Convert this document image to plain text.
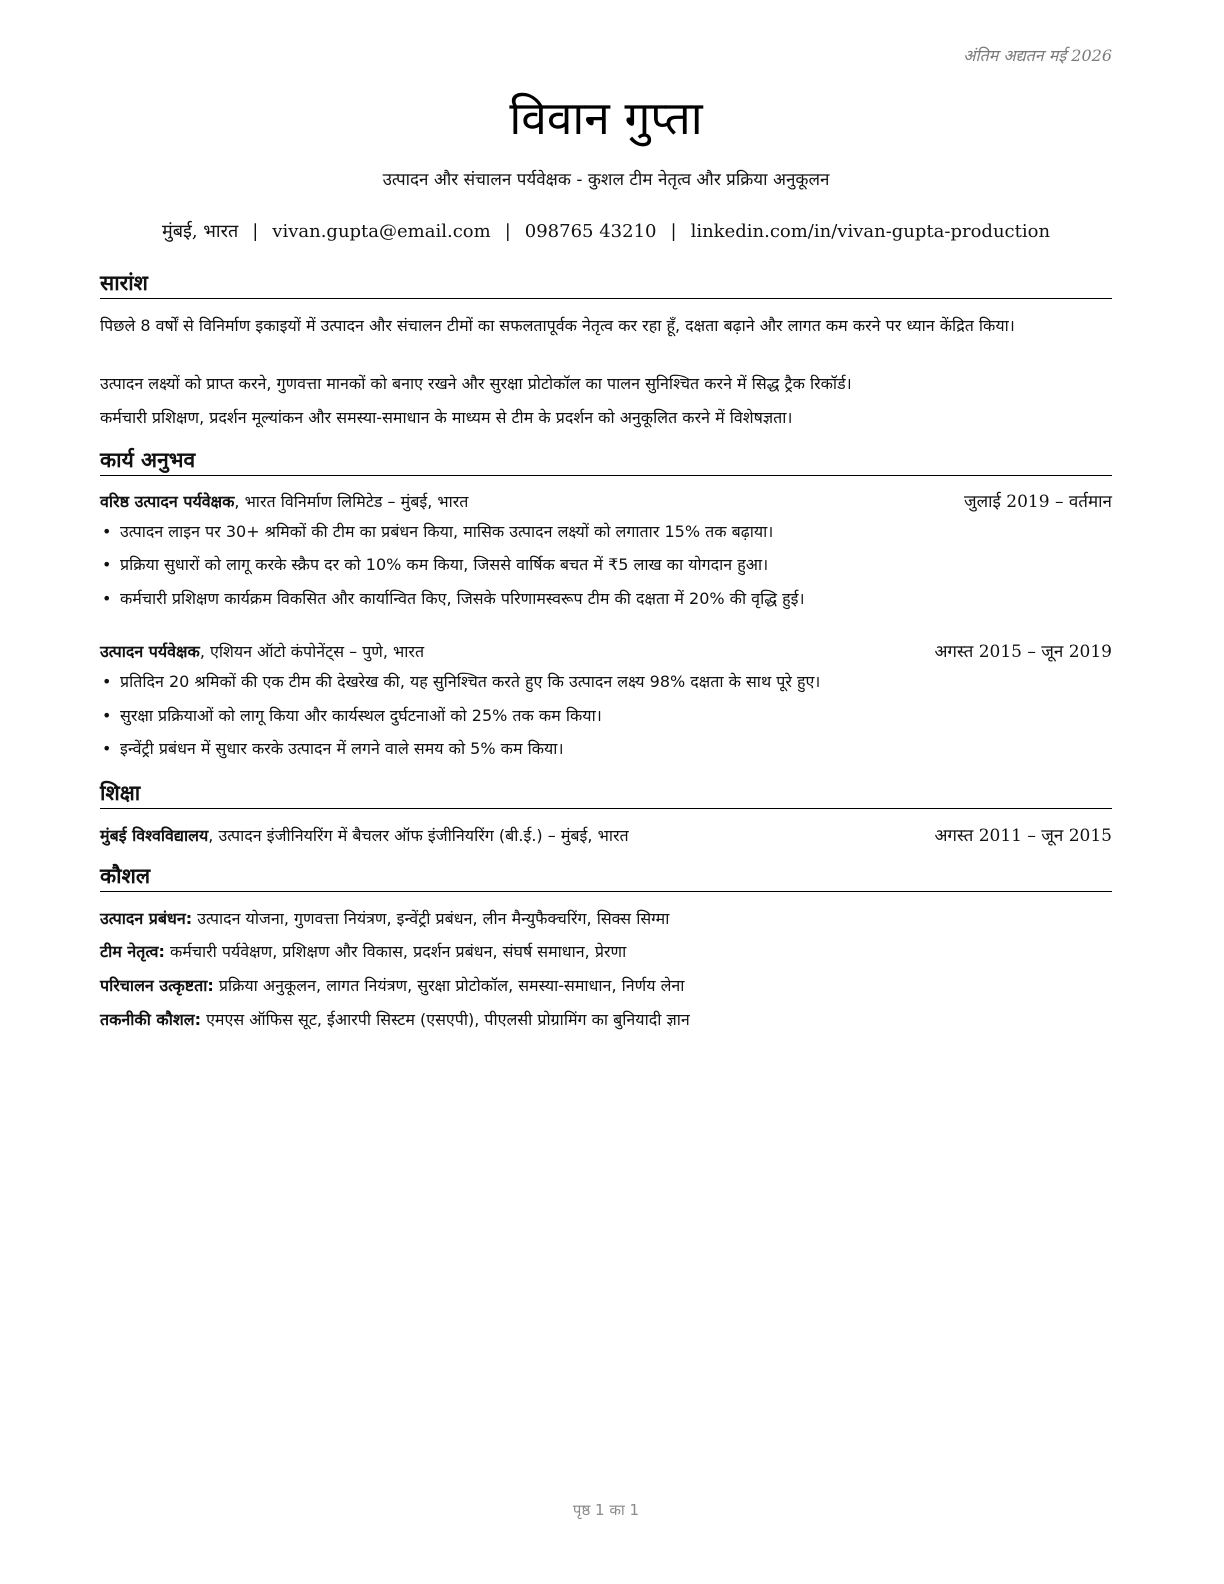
अंतिम अद्यतन मई 2026
विवान गुप्ता
उत्पादन और संचालन पर्यवेक्षक - कुशल टीम नेतृत्व और प्रक्रिया अनुकूलन
मुंबई, भारत | vivan.gupta@email.com | 098765 43210 | linkedin.com/in/vivan-gupta-production
सारांश
पिछले 8 वर्षों से विनिर्माण इकाइयों में उत्पादन और संचालन टीमों का सफलतापूर्वक नेतृत्व कर रहा हूँ, दक्षता बढ़ाने और लागत कम करने पर ध्यान केंद्रित किया।
उत्पादन लक्ष्यों को प्राप्त करने, गुणवत्ता मानकों को बनाए रखने और सुरक्षा प्रोटोकॉल का पालन सुनिश्चित करने में सिद्ध ट्रैक रिकॉर्ड।
कर्मचारी प्रशिक्षण, प्रदर्शन मूल्यांकन और समस्या-समाधान के माध्यम से टीम के प्रदर्शन को अनुकूलित करने में विशेषज्ञता।
कार्य अनुभव
वरिष्ठ उत्पादन पर्यवेक्षक, भारत विनिर्माण लिमिटेड – मुंबई, भारत	जुलाई 2019 – वर्तमान
• उत्पादन लाइन पर 30+ श्रमिकों की टीम का प्रबंधन किया, मासिक उत्पादन लक्ष्यों को लगातार 15% तक बढ़ाया।
• प्रक्रिया सुधारों को लागू करके स्क्रैप दर को 10% कम किया, जिससे वार्षिक बचत में ₹5 लाख का योगदान हुआ।
• कर्मचारी प्रशिक्षण कार्यक्रम विकसित और कार्यान्वित किए, जिसके परिणामस्वरूप टीम की दक्षता में 20% की वृद्धि हुई।
उत्पादन पर्यवेक्षक, एशियन ऑटो कंपोनेंट्स – पुणे, भारत	अगस्त 2015 – जून 2019
• प्रतिदिन 20 श्रमिकों की एक टीम की देखरेख की, यह सुनिश्चित करते हुए कि उत्पादन लक्ष्य 98% दक्षता के साथ पूरे हुए।
• सुरक्षा प्रक्रियाओं को लागू किया और कार्यस्थल दुर्घटनाओं को 25% तक कम किया।
• इन्वेंट्री प्रबंधन में सुधार करके उत्पादन में लगने वाले समय को 5% कम किया।
शिक्षा
मुंबई विश्वविद्यालय, उत्पादन इंजीनियरिंग में बैचलर ऑफ इंजीनियरिंग (बी.ई.) – मुंबई, भारत	अगस्त 2011 – जून 2015
कौशल
उत्पादन प्रबंधन: उत्पादन योजना, गुणवत्ता नियंत्रण, इन्वेंट्री प्रबंधन, लीन मैन्युफैक्चरिंग, सिक्स सिग्मा
टीम नेतृत्व: कर्मचारी पर्यवेक्षण, प्रशिक्षण और विकास, प्रदर्शन प्रबंधन, संघर्ष समाधान, प्रेरणा
परिचालन उत्कृष्टता: प्रक्रिया अनुकूलन, लागत नियंत्रण, सुरक्षा प्रोटोकॉल, समस्या-समाधान, निर्णय लेना
तकनीकी कौशल: एमएस ऑफिस सूट, ईआरपी सिस्टम (एसएपी), पीएलसी प्रोग्रामिंग का बुनियादी ज्ञान
पृष्ठ 1 का 1
